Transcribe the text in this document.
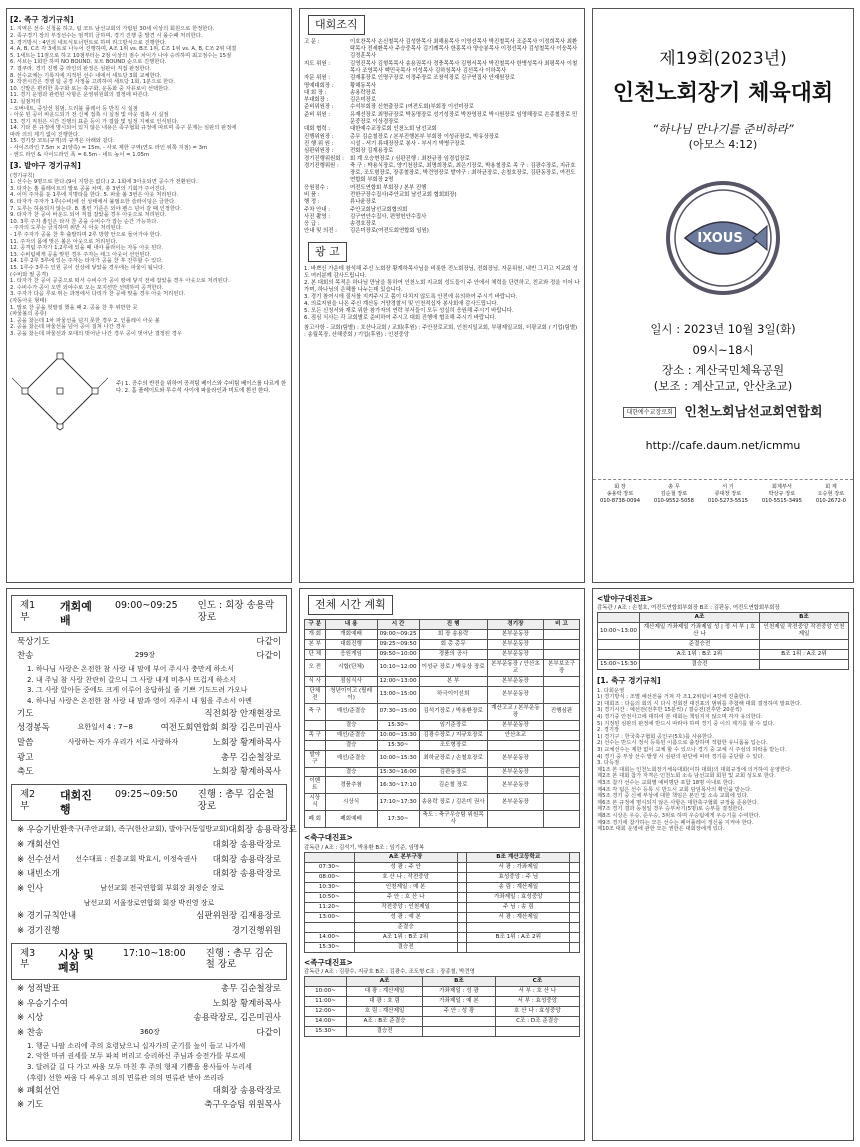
[2. 족구 경기규칙]
1. 지역은 선수 신청을 하고, 팀 코트 남선교회의 가람된 30세 이상의 회원으로 한정한다.
2. 족구경기 장의 부정선수는 엄격히 금하며, 경기 진행 중 발견 시 몰수패 처리한다.
3. 경기방식 : 4인의 네트식토너먼트로 하며 리그방식으로 진행한다.
4. A, B, C조 각 3세트로 나누어 진행하며, A조 1위 vs. B조 1위, C조 1위 vs. A, B, C조 2위 대결
5. 1세트는 11점으로 하고 10점부터는 2점 이상의 점수 차이가 나야 승리하며 최고점수는 15점
6. 서브는 1회만 하며 NO BOUND, 토트 BOUND 순으로 진행한다.
7. 결쿠라, 경기 진행 중 라인의 판정은 심판이 직접 판정한다.
8. 선수교체는 기록지에 지적된 선수 내에서 세트당 3회 교체한다.
9. 작전시간은 경쟁 팀 공경 사정을 고려하여 세트당 1회, 1분으로 한다.
10. 신발은 편리한 족구화 또는 축구화, 운동화 중 자유로이 선택한다.
11. 경기 운영과 관련된 사항은 운영위원회의 결정에 따른다.
12. 실점처리
- 오버네트, 중앙선 침범, 드리블 플레이 등 반칙 시 실점
- 아웃 된 공이 바운드되기 전 신체 접촉 시 실점 및 아웃 접촉 시 실점
13. 경기 직원은 시간 진행의 표준 등이 가 결합 및 일정 지체로 인식된다.
14. 기타 본 규정에 명시되어 있지 않은 내용은 족구협회 규정에 따르며 족구 문제는 심판의 판정에
따라 의의 제기 없이 진행한다.
15. 경기장 코트(규격)의 규격은 아래와 같다.
- 사이즈라인 7.5m × 2(양측) = 15m, - 사로 제한 구역(연도 라인 위쪽 지점) = 3m
- 엔드 라인 & 사이드라인 폭 = 6.5m - 네트 높이 = 1.05m
[3. 발야구 경기규칙]
(경기규칙)
1. 선수는 9명으로 한다.(9이 지방은 없다.) 2. 1회에 3아웃되면 공수가 전환된다.
3. 타자는 홈 플레이트의 발로 공을 차며, 총 3번의 기회가 주어진다.
4. 이미 주자를 둔 1루에 지명타를 한다. 5. 파울 볼 3번은 아웃 처리된다.
6. 타자가 주자가 1루(수비)에 선 상태에서 불필요한 슬라이딩은 금한다.
7. 도루는 허용되지 않는다. 8. 홈런 기준은 외야 펜스 넘어 갈 때 인정한다.
9. 타자가 찬 공이 바운드 되어 직접 잡았을 경우 아웃으로 처리된다.
10. 3루 주자 홈인은 타자 찬 공을 수비수가 잡는 순간 가능하다.
- 주자의 도루는 금지하며 위반 시 아웃 처리된다.
- 1루 주자가 공을 찬 후 출발하며 2루 방향 안으로 들어가야 한다.
11. 주자의 몸에 맞은 볼은 아웃으로 처리된다.
12. 공격팀 주자가 1,2루에 있을 때 내야 플라이는 자동 아웃 된다.
13. 수비팀에게 공을 맞힌 경우 주자는 태그 아웃이 선언된다.
14. 1루 2루 3루에 있는 주자는 타자가 공을 찬 후 진루할 수 있다.
15. 1루수 3루수 인원 공이 선상에 닿았을 경우에는 파울이 됩니다.
(수비와 필 공격)
1. 타자가 찬 공이 공중으로 떠서 수비수가 공이 땅에 닿지 전에 잡았을 경우 아웃으로 처리된다.
2. 수비수가 공이 오면 외야수로 오는 포지션만 선택하여 공격한다.
3. 주자가 다음 루로 뛰는 과정에서 다리가 찬 공에 맞을 경우 아웃 처리된다.
(자동아웃 형태)
1. 발로 찬 공을 헛발질 했을 때 2. 공을 찬 후 위반한 곳
(파울볼의 종류)
1. 공을 찼는데 1차 파울선을 넘지 못한 경우 2. 인플레이 아웃 볼
2. 공을 찼는데 파울선을 넘어 공이 걸쳐 나간 경우
3. 공을 찼는데 파울선과 포대의 벗어난 나간 경우 공이 벗어난 결정된 경우
주) 1. 공수의 반전을 위하여 공격팀 베이스와 수비팀 베이스를 다르게 한다. 2. 홈 플레이트와 투수석 사이에 파울라인과 미트에 흰선 한다.
대회조직
고 문 :	이호찬목사 손신철목사 김성한목사 최해용목사 이영선목사 박진철목사 조준목사 이정희목사 최환탁목사 전세환목사 주승중목사 김기례목사 한홍목사 양승봉목사 이정선목사 김성철목사 이웅목사 김정훈목사
지도 위원 :	김영진목사 김형목목사 송용권목사 정충목목사 김명서목사 박진철목사 한병성목사 최평목사 이철목사 조영목사 백민국목사 이성목사 김하청목사 김선목사 이하목사
자문 위원 :	김재홍장로 인명구장로 이정주장로 조창석장로 김구연집사 안재원장로
명예대회장 :	황해동목사
대 회 장 :	송용락장로
부대회장 :	김은미장로
준비위원장 :	수석부회장 신현출장로 (여전도회)부회장 이선미장로
준비 위원 :	유재선장로 최명규장로 박동명장로 성기성장로 박찬영장로 박시원장로 임영해장로 손종철장로 민문중장로 이상경장로
대회 협력 :	대한예수교장로회 인천노회 남선교회
진행위원장 :	총무 김순철장로 / 본부진행본부 부회장 이성규장로, 박유상장로
진 행 위 원 :	시설 - 서기 류대장장로 봉사 - 부서기 박병구장로
심판위원장 :	전회장 김재용장로
경기진행위원회 :	회 계 오승현장로 / 심판진행 : 최찬규장 임경섭장로
경기진행위원 :	축 구 : 박용식장로, 양기천장로, 최명희장로, 최은기장로, 박용철장로 족 구 : 김광수장로, 지규호장로, 조도형장로, 장종철장로, 박견영장로 발야구 : 최하균장로, 손철호장로, 김판동장로, 여전도연합회 부회장 2명
응원점수 :	여전도연합회 부회장 / 본부 진행
비 품 :	전한구장수집사(주안교회 남선교회 협회회장)
행 정 :	류나윤장로
주차 안내 :	주안교회남선교회협의회
사진 촬영 :	김구연안수집사, 편명헌안수집사
응 급 :	송경호장로
안내 및 의전 :	김은미장로(여전도회연합회 임원)
광 고
1. 바쁘신 가운데 참석해 주신 노회장 황계하목사님을 비롯한 전노회장님, 전회장님, 자문위원, 내빈 그리고 지교회 성도 여러분께 감사드립니다.
2. 본 대회의 목적은 하나님 만남을 통하여 인천노회 지교회 성도들이 주 안에서 체력을 단련하고, 친교와 정을 이어 나가며, 하나님의 은혜를 나누는데 있습니다.
3. 경기 참여시에 질서를 지켜주시고 몸이 다치지 않도록 안전에 유의하여 주시기 바랍니다.
4. 의료지원을 나온 주신 계산동 거양경찰서 및 인천적십자 봉사회에 감사드립니다.
5. 모든 신청서와 재로 위한 참가자의 연락 부서들이 모두 성실히 응원해 주시기 바랍니다.
6. 점심 식사는 각 교회별로 준비하여 주시고 대회 진행에 협조해 주시기 바랍니다.
참고사항 - 교회(팀별) : 호산나교회 / 교회(후원) : 주안장로교회, 인천지일교회, 부평제일교회, 더광교회 / 기업(팀별) : 송월목장, 산해중회 / 기업(후원) : 인천중앙
제19회(2023년)
인천노회장기 체육대회
“하나님 만나기를 준비하라”
(아모스 4:12)
IXOUS
일시 : 2023년 10월 3일(화)
09시~18시
장소 : 계산국민체육공원
(보조 : 계산고교, 안산초교)
대한예수교장로회 인천노회남선교회연합회
http://cafe.daum.net/icmmu
회 장
송용락 장로
010-8738-0094
총 무
김순철 장로
010-9552-5058
서 기
류대장 장로
010-5273-5515
회계부서
박상규 장로
010-5515-3495
회 계
오승현 장로
010-2672-0
제1부
개회예배
09:00~09:25 인도 : 회장 송용락 장로
묵상기도	다같이
찬송	299장	다같이
1. 하나님 사랑은 온전한 참 사랑 내 맘에 부어 주시사 충만케 하소서
2. 내 주님 참 사랑 찬란히 갈으니 그 사랑 내게 비추사 뜨겁게 하소서
3. 그 사랑 알아듣 중에도 크게 이루어 응답하실 줄 기쁘 기도드려 가오나
4. 하나님 사랑은 온전한 참 사랑 내 맘과 영이 저주시 내 힘을 주소서 아멘
기도	직전회장 안재현장로
성경봉독	요한일서 4 : 7~8	여전도회연합회 회장 김은미권사
말씀	사랑하는 자가 우리가 서로 사랑하자	노회장 황계하목사
광고	총무 김순철장로
축도	노회장 황계하목사
제2부
대회진행
09:25~09:50 진행 : 총무 김순철 장로
※ 우승기반환 축구(주안교회), 족구(한산교회), 발야구(동일방교회) 대회장 송용락장로
※ 개회선언	대회장 송용락장로
※ 선수선서	선수대표 : 진흥교회 박효시, 이정숙권사	대회장 송용락장로
※ 내빈소개	대회장 송용락장로
※ 인사	남선교회 전국연합회 부회장 최정순 장로
남선교회 서울장로연합회 회장 박진영 장로
※ 경기규칙안내	심판위원장 김재용장로
※ 경기진행	경기진행위원
제3부
시상 및 폐회
17:10~18:00 진행 : 총무 김순철 장로
※ 성적발표	총무 김순철장로
※ 우승기수여	노회장 황계하목사
※ 시상	송용락장로, 김은미권사
※ 찬송	360장	다같이
1. 행군 나팔 소리에 주의 호령났으니 십자가의 군기를 높이 들고 나가세
2. 악한 마귀 권세를 모두 파쳐 버리고 승리하신 주님과 승전가를 부르세
3. 달려갈 길 다 가고 싸움 모두 마친 후 주의 형제 기쁨을 용사들아 누리세
(후렴) 선한 싸움 다 싸우고 의의 면류관 의의 면류관 받아 쓰리라
※ 폐회선언	대회장 송용락장로
※ 기도	축구우승팀 위원목사
전체 시간 계획
구 분	내 용	시 간	진 행	경기장	비 고
개 회	개회예배	09:00~09:25	회 장 송용락	본부운동장	
본 부	대회진행	09:25~09:50	회 총 총무	본부운동장	
단 체	응원게임	09:50~10:00	경품의 공사	본부운동장	
오 전	시합(단체)	10:10~12:00	이성규 장로 / 박유상 장로	본부운동장 / 안산초교	본부보조구장
식 사	점심식사	12:00~13:00	본 부	본부운동장	
단체전	청년이이고 (릴레이)	13:00~15:00	하극이이선희	본부운동장	
축 구	예선/준결승	07:30~15:00	김석기장로 / 박용환장로	계산고교 / 본부운동장	진행심판
	결승	15:30~	임기준장로	본부운동장	
족 구	예선/준결승	10:00~15:30	김광수장로 / 지규호장로	안산초교	
	결승	15:30~	조도형장로		
발야구	예선/준결승	10:00~15:30	최하균장로 / 손철호장로	본부운동장	
	결승	15:30~16:00	김판동장로	본부운동장	
이벤트	경품추첨	16:30~17:10	김순철 장로	본부운동장	
시상식	시상식	17:10~17:30	송용락 장로 / 김은미 권사	본부운동장	
폐 회	폐회예배	17:30~	축도 : 축구우승팀 위원목사		
<축구대진표>
감독관 / A조 : 김석기, 박용환 B조 : 임기준, 임명복
	A조 본부구장		B조 계산고등학교	
07:30~	성 광 : 주 안		서 광 : 가좌제일	
08:00~	호 산 나 : 작전중앙		효성중앙 : 주 님	
10:30~	인천제일 : 예 본		송 림 : 계산제일	
10:50~	주 안 : 호 산 나		가좌제일 : 효성중앙	
11:20~	작전중앙 : 인천제일		주 님 : 송 림	
13:00~	성 광 : 예 본		서 광 : 계산제일	
	준결승			
14:00~	A조 1위 : B조 2위		B조 1위 : A조 2위	
15:30~	결승전			
<족구대진표>
감독관 / A조 : 김광수, 지규호 B조 : 김광수, 조도형 C조 : 장종철, 박견영
	A조	B조	C조
10:00~	대 광 : 계산제일	가좌제일 : 성 광	서 부 : 호 산 나
11:00~	대 광 : 호 림	가좌제일 : 예 본	서 부 : 효성중앙
12:00~	호 림 : 계산제일	주 안 : 성 광	호 산 나 : 효성중앙
14:00~	A조 : B조 준결승		C조 : D조 준결승
15:30~	결승전		
<발야구대진표>
감독관 / A조 : 손철호, 여전도연합회부회장 B조 : 김판동, 여전도연합회부회장
	A조	B조
10:00~13:00	계산제일 가좌제일 가좌제일 성 | 정 서 부 | 호 산 나	인천제일 작전중앙 작전중앙 인천제일
	준결승전	
	A조 1위 : B조 2위	B조 1위 : A조 2위
15:00~15:30	결승전	
[1. 축구 경기규칙]
1. 다회운영
1) 경기방식 : 조별 예선전을 거쳐 각 조1,2위팀이 4강에 진출한다.
2) 대회조 : 다음의 회의 시 다시 전회전 대진표의 범위를 추첨해 대회 결정하여 발표한다.
3) 경기시간 : 예선전(전후반 15분씩) / 결승전(전후반 20분씩)
4) 경기중 안전사고에 대하여 본 대회는 책임지지 않으며 각자 유의한다.
5) 지정된 심판의 판정에 반드시 따라야 하며 경기 중 이의 제기를 할 수 없다.
2. 경기장
1) 경기구 : 한국축구협회 공인구(5호)를 사용한다.
2) 선수는 반드시 정식 등록된 이름으로 출장하며 적합한 유니폼을 입는다.
3) 교체선수는 제한 없이 교체 할 수 있으나 경기 중 교체 시 주심의 허락을 받는다.
4) 경기 중 부상 선수 발생 시 심판의 판단에 따라 경기를 중단할 수 있다.
3. 다득점
제1조 본 대회는 인천노회장기체육대회(이하 대회)의 대회규정에 의거하여 운영한다.
제2조 본 대회 참가 자격은 인천노회 소속 남선교회 회원 및 교회 성도로 한다.
제3조 참가 선수는 교회별 예비명단 포함 18명 이내로 한다.
제4조 각 팀은 선수 등록 시 반드시 교회 담임목사의 확인을 받는다.
제5조 경기 중 신체 부상에 대한 책임은 본인 및 소속 교회에 있다.
제6조 본 규정에 명시되지 않은 사항은 대한축구협회 규정을 준용한다.
제7조 경기 결과 동점일 경우 승부차기(5명)로 승부를 결정한다.
제8조 시상은 우승, 준우승, 3위로 하며 우승팀에게 우승기를 수여한다.
제9조 경기에 참가하는 모든 선수는 페어플레이 정신을 지켜야 한다.
제10조 대회 운영에 관한 모든 권한은 대회장에게 있다.
